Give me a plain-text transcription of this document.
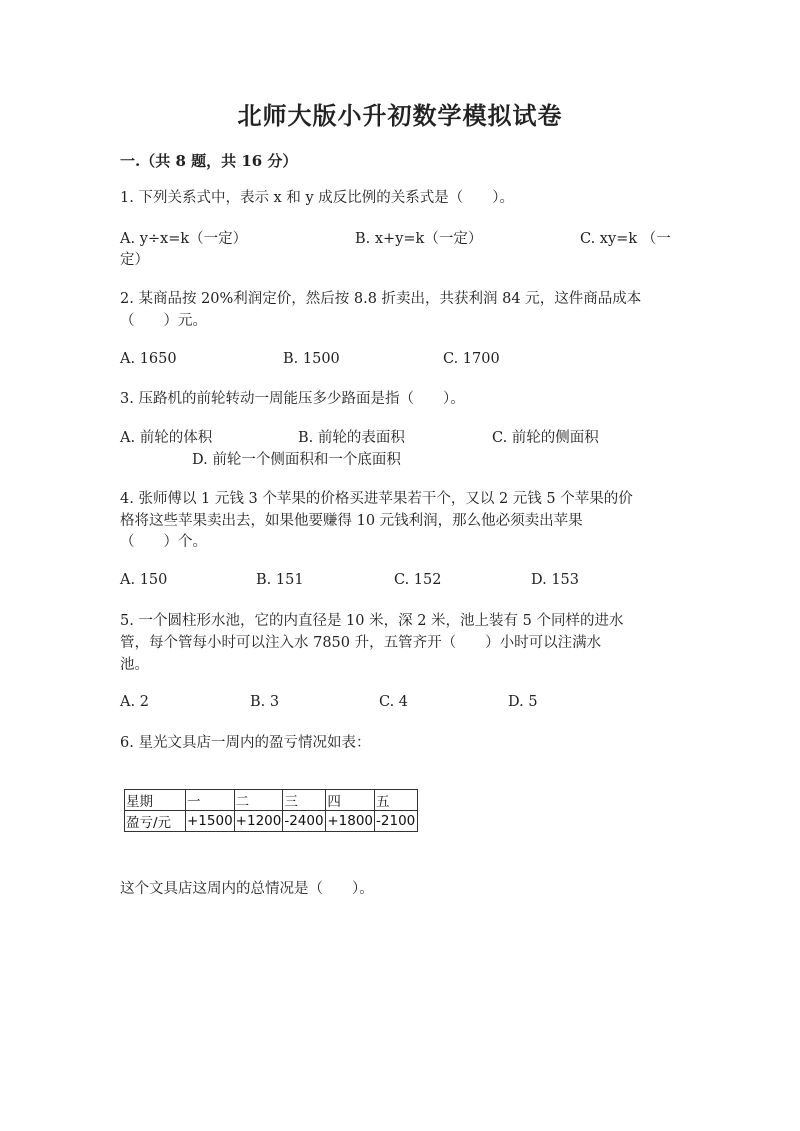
北师大版小升初数学模拟试卷
一.（共 8 题，共 16 分）
1. 下列关系式中，表示 x 和 y 成反比例的关系式是（　　）。
A. y÷x=k（一定）	B. x+y=k（一定）	C. xy=k （一
定）
2. 某商品按 20%利润定价，然后按 8.8 折卖出，共获利润 84 元，这件商品成本
（　　）元。
A. 1650	B. 1500	C. 1700
3. 压路机的前轮转动一周能压多少路面是指（　　）。
A. 前轮的体积	B. 前轮的表面积	C. 前轮的侧面积
D. 前轮一个侧面积和一个底面积
4. 张师傅以 1 元钱 3 个苹果的价格买进苹果若干个，又以 2 元钱 5 个苹果的价
格将这些苹果卖出去，如果他要赚得 10 元钱利润，那么他必须卖出苹果
（　　）个。
A. 150	B. 151	C. 152	D. 153
5. 一个圆柱形水池，它的内直径是 10 米，深 2 米，池上装有 5 个同样的进水
管，每个管每小时可以注入水 7850 升，五管齐开（　　）小时可以注满水
池。
A. 2	B. 3	C. 4	D. 5
6. 星光文具店一周内的盈亏情况如表：
星期	一	二	三	四	五
盈亏/元	+1500	+1200	-2400	+1800	-2100
这个文具店这周内的总情况是（　　）。
